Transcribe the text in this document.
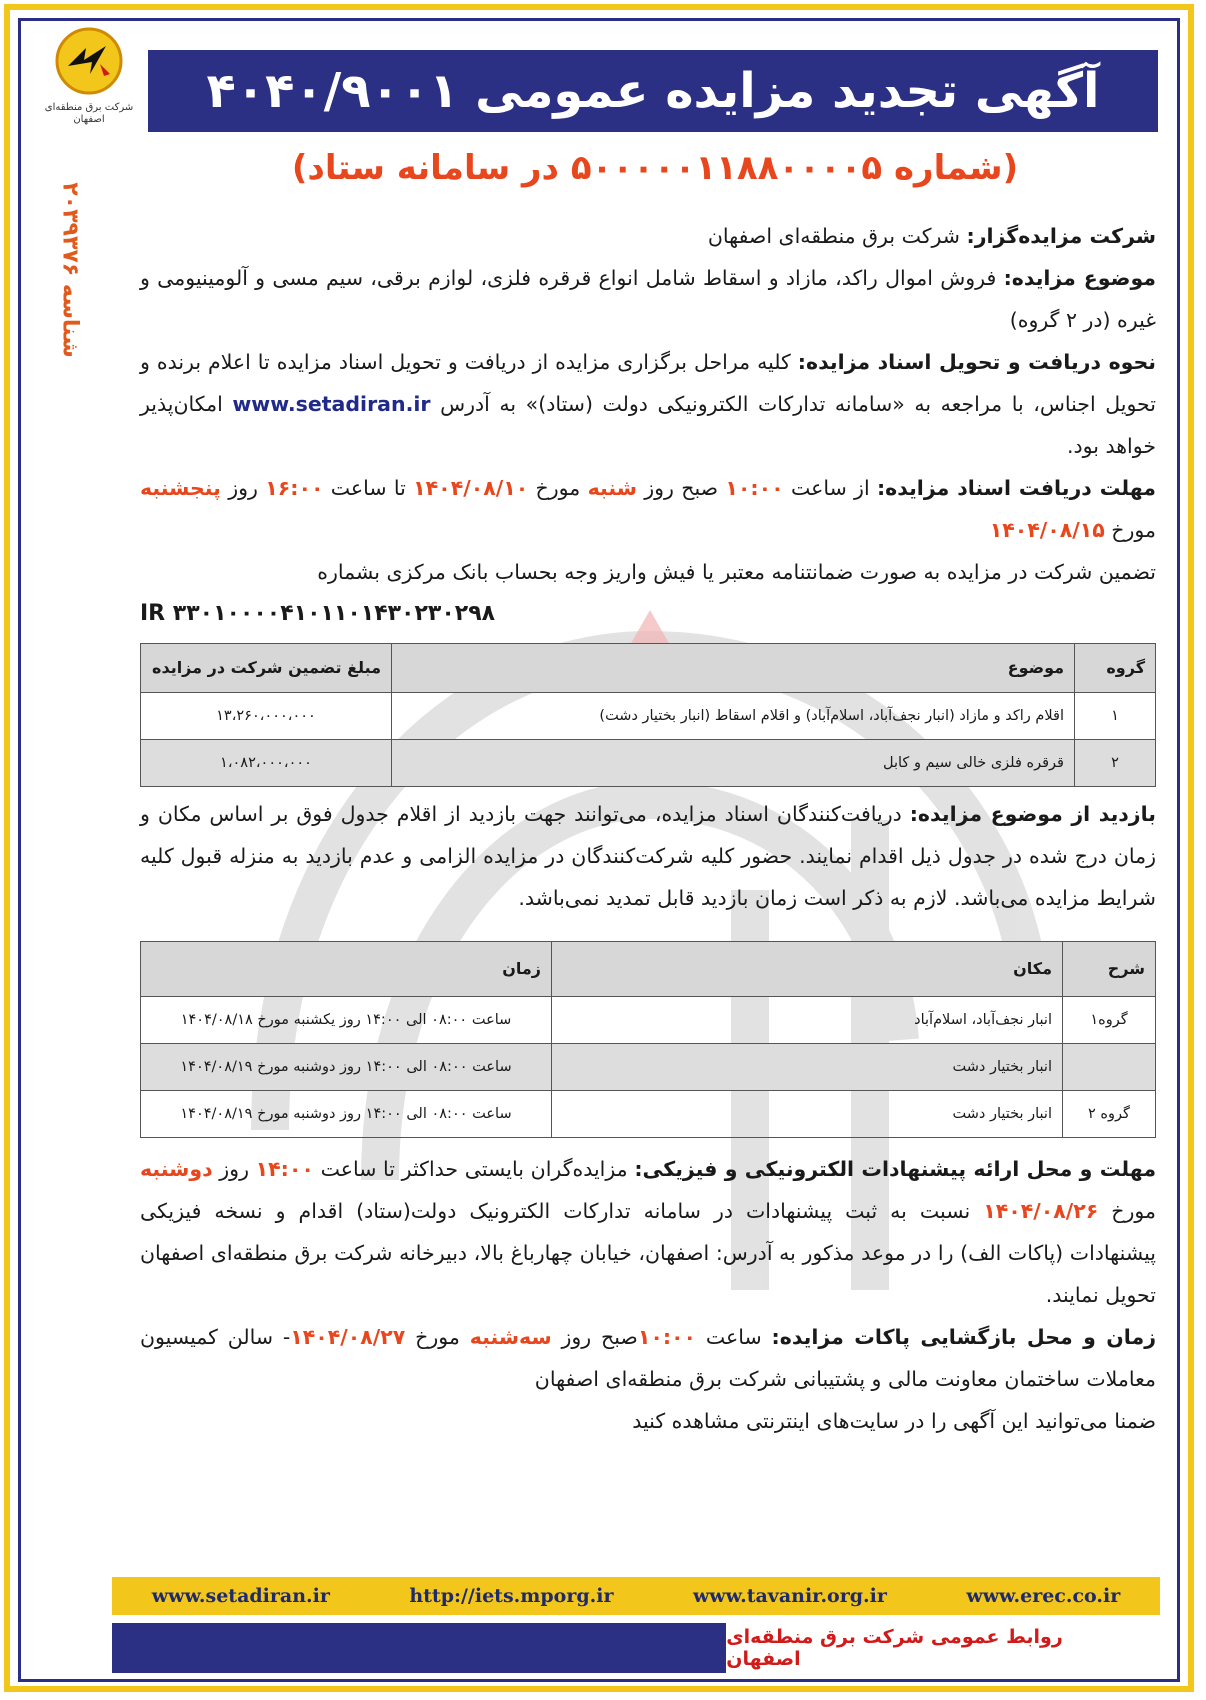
شرکت برق منطقه‌ای اصفهان
آگهی تجدید مزایده عمومی ۴۰۴۰/۹۰۰۱
(شماره ۵۰۰۰۰۰۱۱۸۸۰۰۰۰۵ در سامانه ستاد)
شناسه ۲۰۳۹۳۷۶

شرکت مزایده‌گزار: شرکت برق منطقه‌ای اصفهان

موضوع مزایده: فروش اموال راکد، مازاد و اسقاط شامل انواع قرقره فلزی، لوازم برقی، سیم مسی و آلومینیومی و غیره (در ۲ گروه)

نحوه دریافت و تحویل اسناد مزایده: کلیه مراحل برگزاری مزایده از دریافت و تحویل اسناد مزایده تا اعلام برنده و تحویل اجناس، با مراجعه به «سامانه تدارکات الکترونیکی دولت (ستاد)» به آدرس www.setadiran.ir امکان‌پذیر خواهد بود.

مهلت دریافت اسناد مزایده: از ساعت ۱۰:۰۰ صبح روز شنبه مورخ ۱۴۰۴/۰۸/۱۰ تا ساعت ۱۶:۰۰ روز پنجشنبه مورخ ۱۴۰۴/۰۸/۱۵

تضمین شرکت در مزایده به صورت ضمانتنامه معتبر یا فیش واریز وجه بحساب بانک مرکزی بشماره

IR ۳۳۰۱۰۰۰۰۴۱۰۱۱۰۱۴۳۰۲۳۰۲۹۸
گروه	موضوع	مبلغ تضمین شرکت در مزایده
۱	اقلام راکد و مازاد (انبار نجف‌آباد، اسلام‌آباد) و اقلام اسقاط (انبار بختیار دشت)	۱۳،۲۶۰،۰۰۰،۰۰۰
۲	قرقره فلزی خالی سیم و کابل	۱،۰۸۲،۰۰۰،۰۰۰

بازدید از موضوع مزایده: دریافت‌کنندگان اسناد مزایده، می‌توانند جهت بازدید از اقلام جدول فوق بر اساس مکان و زمان درج شده در جدول ذیل اقدام نمایند. حضور کلیه شرکت‌کنندگان در مزایده الزامی و عدم بازدید به منزله قبول کلیه شرایط مزایده می‌باشد. لازم به ذکر است زمان بازدید قابل تمدید نمی‌باشد.

شرح	مکان	زمان
گروه۱	انبار نجف‌آباد، اسلام‌آباد	ساعت ۰۸:۰۰ الی ۱۴:۰۰ روز یکشنبه مورخ ۱۴۰۴/۰۸/۱۸
	انبار بختیار دشت	ساعت ۰۸:۰۰ الی ۱۴:۰۰ روز دوشنبه مورخ ۱۴۰۴/۰۸/۱۹
گروه ۲	انبار بختیار دشت	ساعت ۰۸:۰۰ الی ۱۴:۰۰ روز دوشنبه مورخ ۱۴۰۴/۰۸/۱۹

مهلت و محل ارائه پیشنهادات الکترونیکی و فیزیکی: مزایده‌گران بایستی حداکثر تا ساعت ۱۴:۰۰ روز دوشنبه مورخ ۱۴۰۴/۰۸/۲۶ نسبت به ثبت پیشنهادات در سامانه تدارکات الکترونیک دولت(ستاد) اقدام و نسخه فیزیکی پیشنهادات (پاکات الف) را در موعد مذکور به آدرس: اصفهان، خیابان چهارباغ بالا، دبیرخانه شرکت برق منطقه‌ای اصفهان تحویل نمایند.

زمان و محل بازگشایی پاکات مزایده: ساعت ۱۰:۰۰صبح روز سه‌شنبه مورخ ۱۴۰۴/۰۸/۲۷- سالن کمیسیون معاملات ساختمان معاونت مالی و پشتیبانی شرکت برق منطقه‌ای اصفهان

ضمنا می‌توانید این آگهی را در سایت‌های اینترنتی مشاهده کنید

www.setadiran.ir	http://iets.mporg.ir	www.tavanir.org.ir	www.erec.co.ir
روابط عمومی شرکت برق منطقه‌ای اصفهان
